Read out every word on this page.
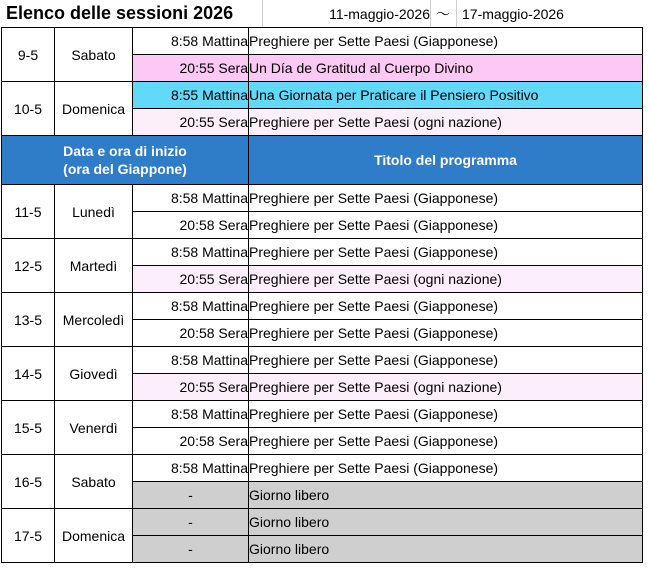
Elenco delle sessioni 2026	11-maggio-2026 ～ 17-maggio-2026
9-5	Sabato	8:58 Mattina	Preghiere per Sette Paesi (Giapponese)
		20:55 Sera	Un Día de Gratitud al Cuerpo Divino
10-5	Domenica	8:55 Mattina	Una Giornata per Praticare il Pensiero Positivo
		20:55 Sera	Preghiere per Sette Paesi (ogni nazione)
Data e ora di inizio
(ora del Giappone)			Titolo del programma
11-5	Lunedì	8:58 Mattina	Preghiere per Sette Paesi (Giapponese)
		20:58 Sera	Preghiere per Sette Paesi (Giapponese)
12-5	Martedì	8:58 Mattina	Preghiere per Sette Paesi (Giapponese)
		20:55 Sera	Preghiere per Sette Paesi (ogni nazione)
13-5	Mercoledì	8:58 Mattina	Preghiere per Sette Paesi (Giapponese)
		20:58 Sera	Preghiere per Sette Paesi (Giapponese)
14-5	Giovedì	8:58 Mattina	Preghiere per Sette Paesi (Giapponese)
		20:55 Sera	Preghiere per Sette Paesi (ogni nazione)
15-5	Venerdì	8:58 Mattina	Preghiere per Sette Paesi (Giapponese)
		20:58 Sera	Preghiere per Sette Paesi (Giapponese)
16-5	Sabato	8:58 Mattina	Preghiere per Sette Paesi (Giapponese)
		-	Giorno libero
17-5	Domenica	-	Giorno libero
		-	Giorno libero
